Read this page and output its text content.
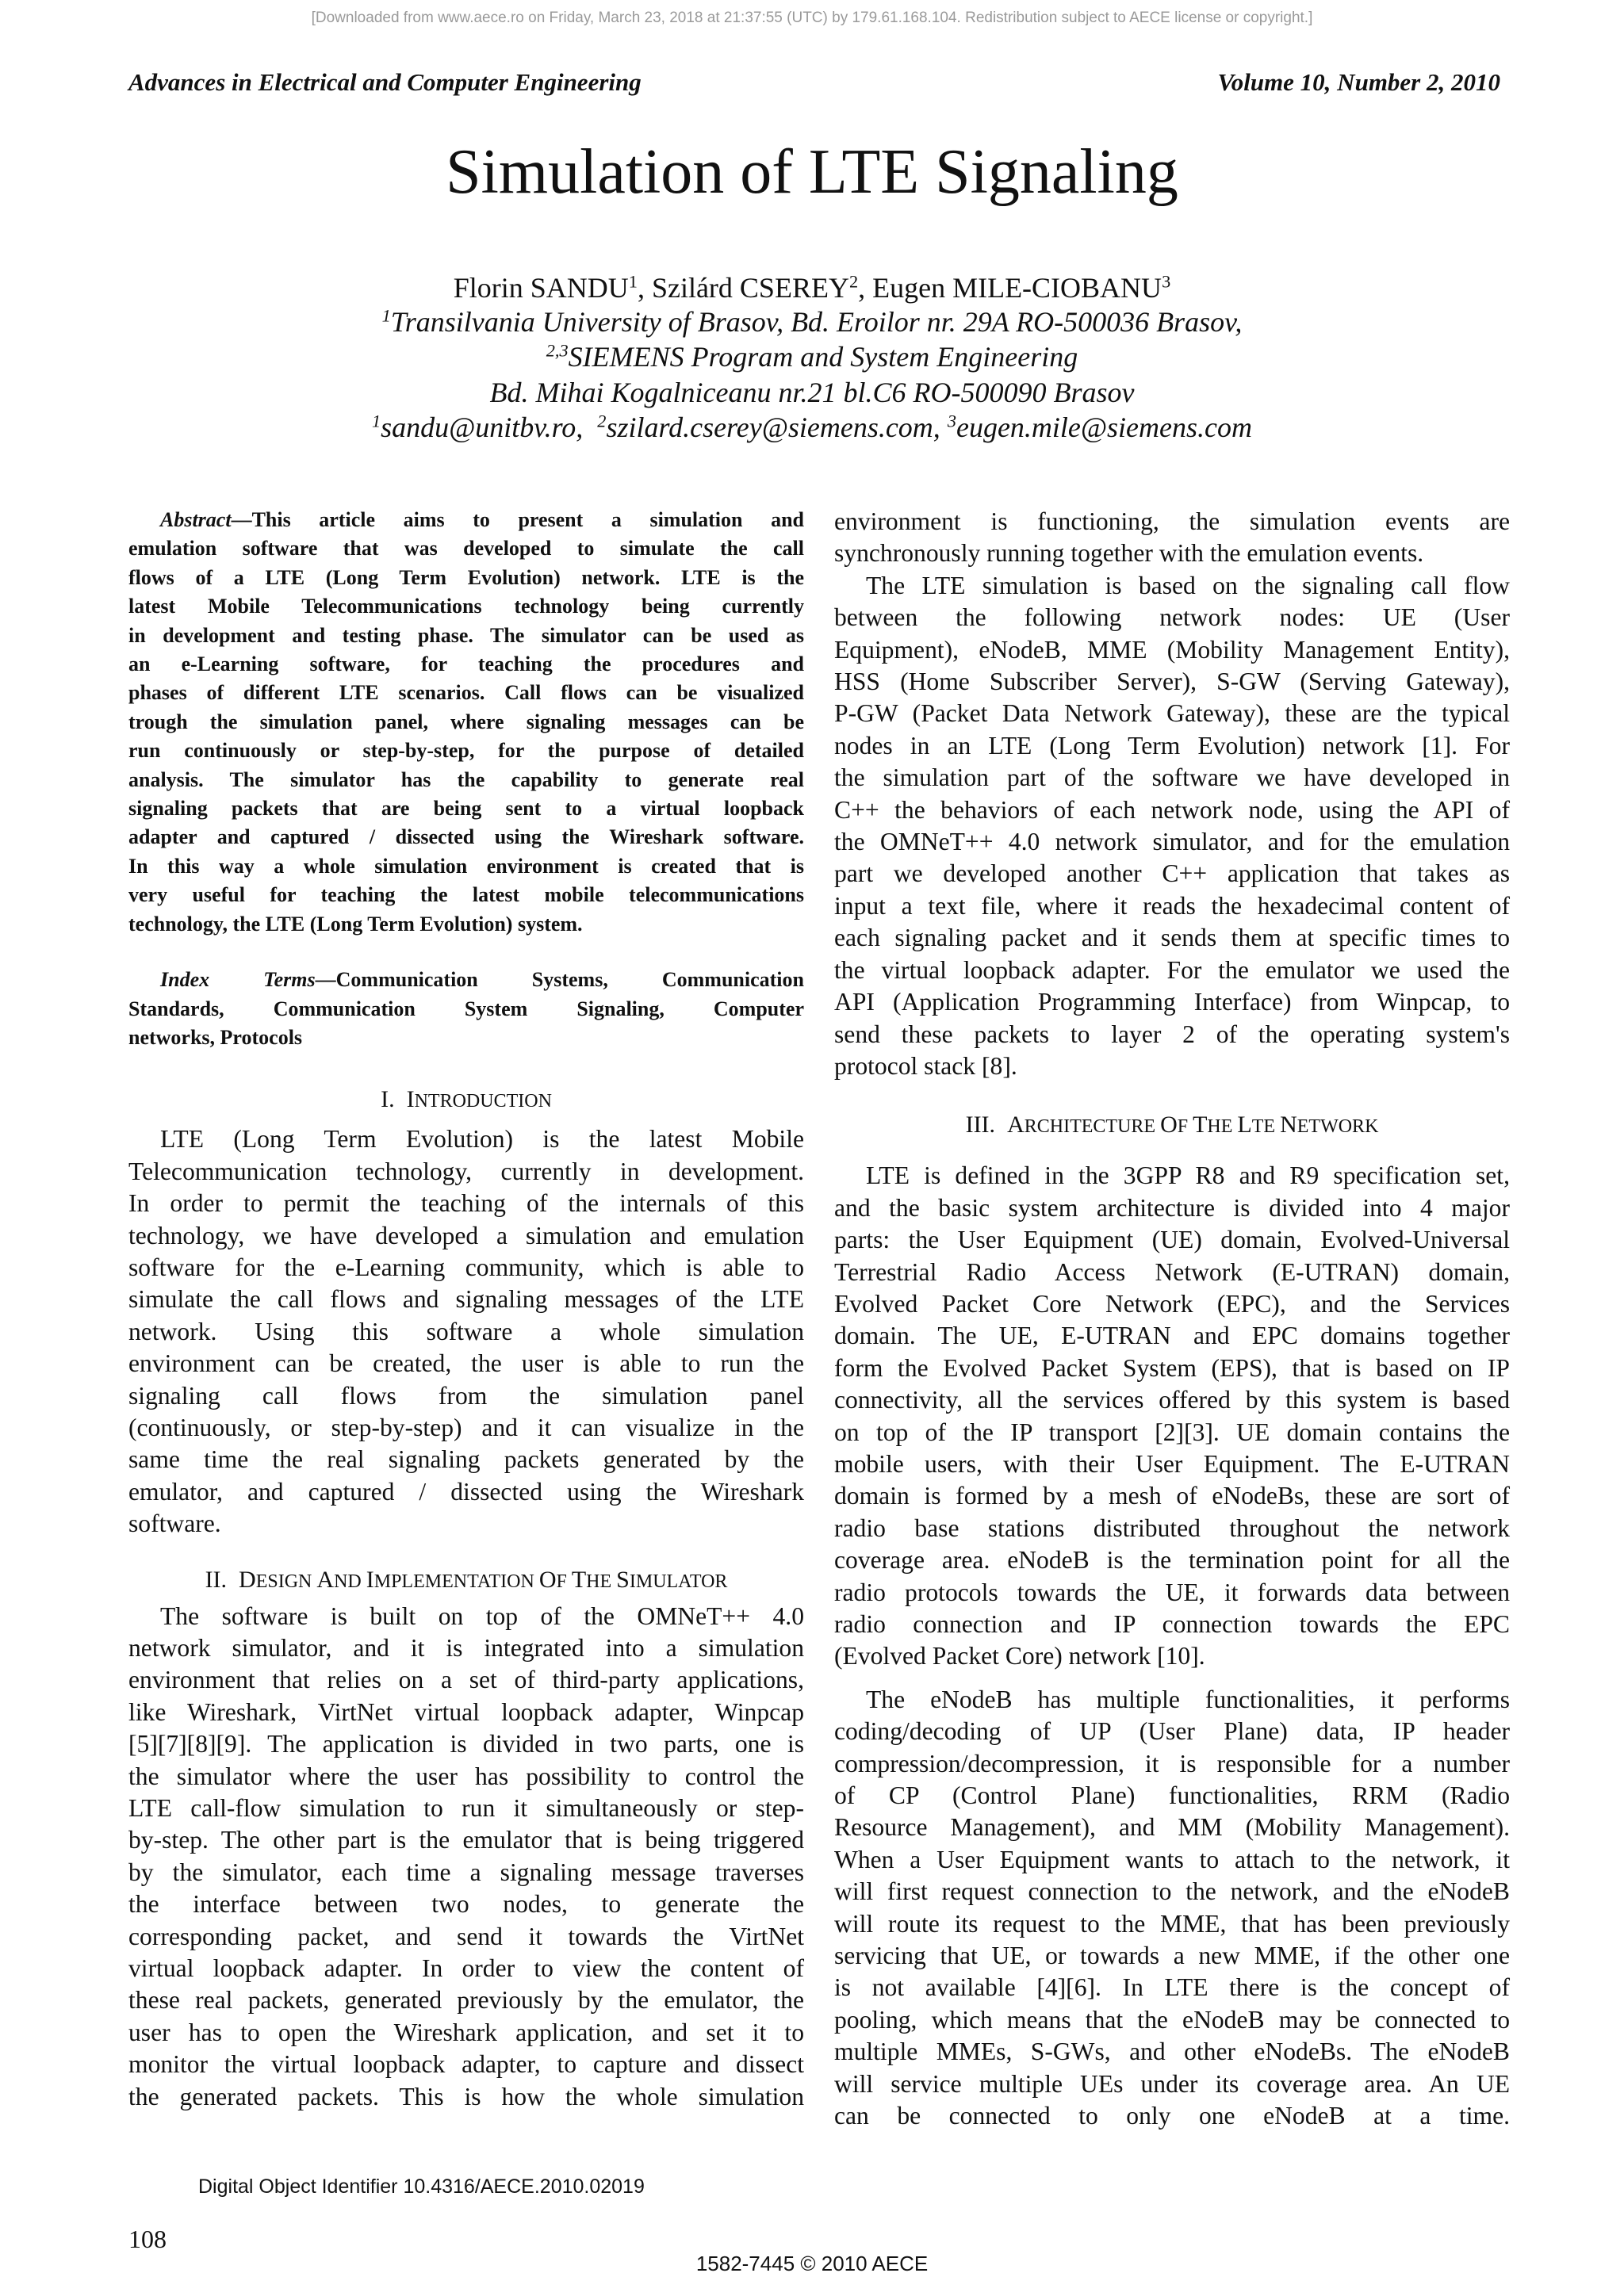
[Downloaded from www.aece.ro on Friday, March 23, 2018 at 21:37:55 (UTC) by 179.61.168.104. Redistribution subject to AECE license or copyright.]
Advances in Electrical and Computer Engineering	Volume 10, Number 2, 2010
Simulation of LTE Signaling
Florin SANDU$^1$, Szilárd CSEREY$^2$, Eugen MILE-CIOBANU$^3$
$^1$Transilvania University of Brasov, Bd. Eroilor nr. 29A RO-500036 Brasov,
$^{2,3}$SIEMENS Program and System Engineering
Bd. Mihai Kogalniceanu nr.21 bl.C6 RO-500090 Brasov
$^1$sandu@unitbv.ro, $^2$szilard.cserey@siemens.com, $^3$eugen.mile@siemens.com

Abstract—This article aims to present a simulation and

emulation software that was developed to simulate the call

flows of a LTE (Long Term Evolution) network. LTE is the

latest Mobile Telecommunications technology being currently

in development and testing phase. The simulator can be used as

an e-Learning software, for teaching the procedures and

phases of different LTE scenarios. Call flows can be visualized

trough the simulation panel, where signaling messages can be

run continuously or step-by-step, for the purpose of detailed

analysis. The simulator has the capability to generate real

signaling packets that are being sent to a virtual loopback

adapter and captured / dissected using the Wireshark software.

In this way a whole simulation environment is created that is

very useful for teaching the latest mobile telecommunications

technology, the LTE (Long Term Evolution) system.

Index Terms—Communication Systems, Communication

Standards, Communication System Signaling, Computer

networks, Protocols

I. INTRODUCTION

LTE (Long Term Evolution) is the latest Mobile

Telecommunication technology, currently in development.

In order to permit the teaching of the internals of this

technology, we have developed a simulation and emulation

software for the e-Learning community, which is able to

simulate the call flows and signaling messages of the LTE

network. Using this software a whole simulation

environment can be created, the user is able to run the

signaling call flows from the simulation panel

(continuously, or step-by-step) and it can visualize in the

same time the real signaling packets generated by the

emulator, and captured / dissected using the Wireshark

software.

II. DESIGN AND IMPLEMENTATION OF THE SIMULATOR

The software is built on top of the OMNeT++ 4.0

network simulator, and it is integrated into a simulation

environment that relies on a set of third-party applications,

like Wireshark, VirtNet virtual loopback adapter, Winpcap

[5][7][8][9]. The application is divided in two parts, one is

the simulator where the user has possibility to control the

LTE call-flow simulation to run it simultaneously or step-

by-step. The other part is the emulator that is being triggered

by the simulator, each time a signaling message traverses

the interface between two nodes, to generate the

corresponding packet, and send it towards the VirtNet

virtual loopback adapter. In order to view the content of

these real packets, generated previously by the emulator, the

user has to open the Wireshark application, and set it to

monitor the virtual loopback adapter, to capture and dissect

the generated packets. This is how the whole simulation

environment is functioning, the simulation events are

synchronously running together with the emulation events.

The LTE simulation is based on the signaling call flow

between the following network nodes: UE (User

Equipment), eNodeB, MME (Mobility Management Entity),

HSS (Home Subscriber Server), S-GW (Serving Gateway),

P-GW (Packet Data Network Gateway), these are the typical

nodes in an LTE (Long Term Evolution) network [1]. For

the simulation part of the software we have developed in

C++ the behaviors of each network node, using the API of

the OMNeT++ 4.0 network simulator, and for the emulation

part we developed another C++ application that takes as

input a text file, where it reads the hexadecimal content of

each signaling packet and it sends them at specific times to

the virtual loopback adapter. For the emulator we used the

API (Application Programming Interface) from Winpcap, to

send these packets to layer 2 of the operating system's

protocol stack [8].

III. ARCHITECTURE OF THE LTE NETWORK

LTE is defined in the 3GPP R8 and R9 specification set,

and the basic system architecture is divided into 4 major

parts: the User Equipment (UE) domain, Evolved-Universal

Terrestrial Radio Access Network (E-UTRAN) domain,

Evolved Packet Core Network (EPC), and the Services

domain. The UE, E-UTRAN and EPC domains together

form the Evolved Packet System (EPS), that is based on IP

connectivity, all the services offered by this system is based

on top of the IP transport [2][3]. UE domain contains the

mobile users, with their User Equipment. The E-UTRAN

domain is formed by a mesh of eNodeBs, these are sort of

radio base stations distributed throughout the network

coverage area. eNodeB is the termination point for all the

radio protocols towards the UE, it forwards data between

radio connection and IP connection towards the EPC

(Evolved Packet Core) network [10].

The eNodeB has multiple functionalities, it performs

coding/decoding of UP (User Plane) data, IP header

compression/decompression, it is responsible for a number

of CP (Control Plane) functionalities, RRM (Radio

Resource Management), and MM (Mobility Management).

When a User Equipment wants to attach to the network, it

will first request connection to the network, and the eNodeB

will route its request to the MME, that has been previously

servicing that UE, or towards a new MME, if the other one

is not available [4][6]. In LTE there is the concept of

pooling, which means that the eNodeB may be connected to

multiple MMEs, S-GWs, and other eNodeBs. The eNodeB

will service multiple UEs under its coverage area. An UE

can be connected to only one eNodeB at a time.

Digital Object Identifier 10.4316/AECE.2010.02019
108
1582-7445 © 2010 AECE
